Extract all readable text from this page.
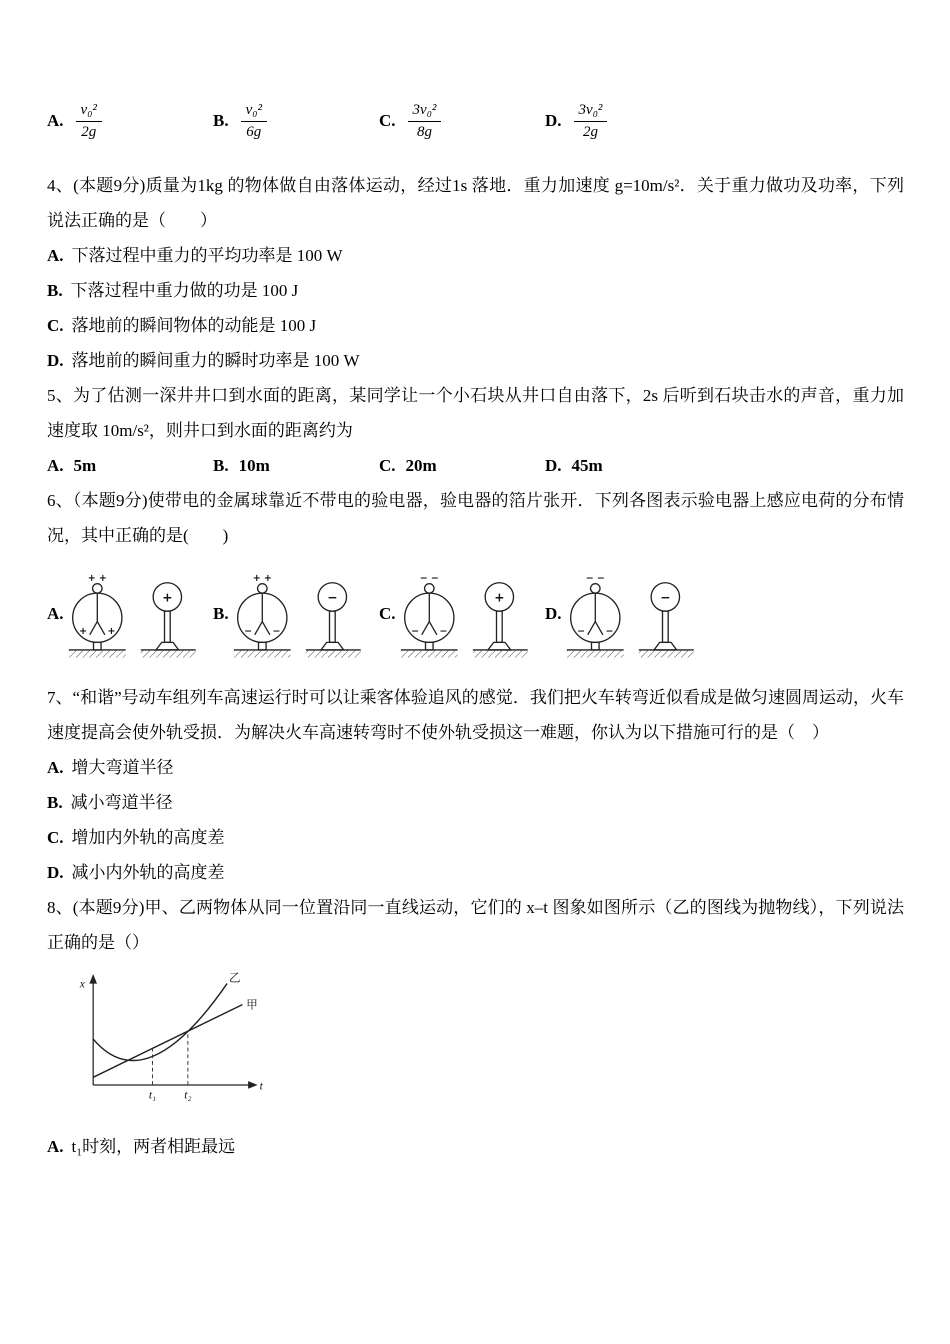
A. $\frac{\text{v₀²}}{2g}$	B. $\frac{\text{v₀²}}{6g}$	C. $\frac{\text{3v₀²}}{8g}$	D. $\frac{\text{3v₀²}}{2g}$

4、(本题9分)质量为1kg 的物体做自由落体运动，经过1s 落地．重力加速度 g=10m/s²．关于重力做功及功率，下列说法正确的是（　　）

A. 下落过程中重力的平均功率是 100 W
B. 下落过程中重力做的功是 100 J
C. 落地前的瞬间物体的动能是 100 J
D. 落地前的瞬间重力的瞬时功率是 100 W

5、为了估测一深井井口到水面的距离，某同学让一个小石块从井口自由落下，2s 后听到石块击水的声音，重力加速度取 10m/s²，则井口到水面的距离约为

A. 5m	B. 10m	C. 20m	D. 45m

6、（本题9分)使带电的金属球靠近不带电的验电器，验电器的箔片张开．下列各图表示验电器上感应电荷的分布情况，其中正确的是(　　)

A.
+ +
+ +
+
B.
+ +
− −
−
C.
− −
− −
+
D.
− −
− −
−

7、“和谐”号动车组列车高速运行时可以让乘客体验追风的感觉．我们把火车转弯近似看成是做匀速圆周运动，火车速度提高会使外轨受损．为解决火车高速转弯时不使外轨受损这一难题，你认为以下措施可行的是（　）

A. 增大弯道半径
B. 减小弯道半径
C. 增加内外轨的高度差
D. 减小内外轨的高度差

8、(本题9分)甲、乙两物体从同一位置沿同一直线运动，它们的 x–t 图象如图所示（乙的图线为抛物线），下列说法正确的是（）

x
t
t₁ t₂
乙
甲
A. t₁时刻，两者相距最远
